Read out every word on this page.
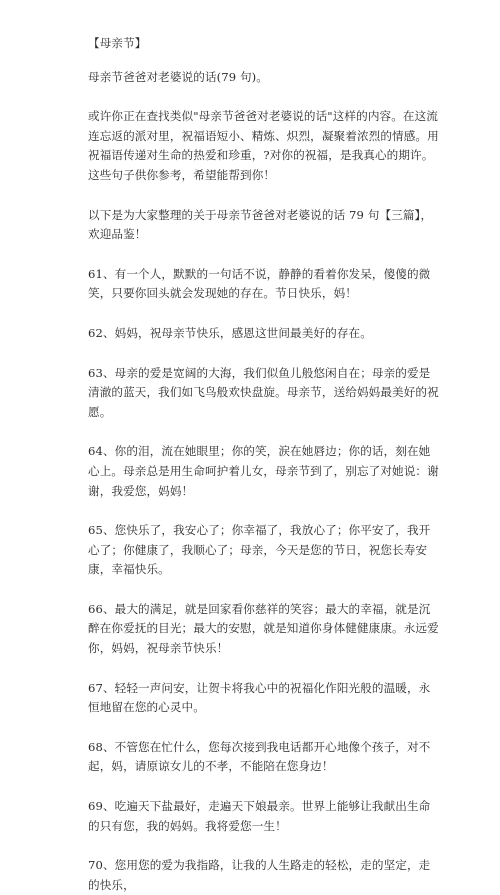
【母亲节】

母亲节爸爸对老婆说的话(79 句)。

或许你正在查找类似"母亲节爸爸对老婆说的话"这样的内容。在这流连忘返的派对里，祝福语短小、精炼、炽烈，凝聚着浓烈的情感。用祝福语传递对生命的热爱和珍重，?对你的祝福，是我真心的期许。这些句子供你参考，希望能帮到你！

以下是为大家整理的关于母亲节爸爸对老婆说的话 79 句【三篇】，欢迎品鉴！

61、有一个人，默默的一句话不说，静静的看着你发呆，傻傻的微笑，只要你回头就会发现她的存在。节日快乐，妈！

62、妈妈，祝母亲节快乐，感恩这世间最美好的存在。

63、母亲的爱是宽阔的大海，我们似鱼儿般悠闲自在；母亲的爱是清澈的蓝天，我们如飞鸟般欢快盘旋。母亲节，送给妈妈最美好的祝愿。

64、你的泪，流在她眼里；你的笑，涙在她唇边；你的话，刻在她心上。母亲总是用生命呵护着儿女，母亲节到了，别忘了对她说：谢谢，我爱您，妈妈！

65、您快乐了，我安心了；你幸福了，我放心了；你平安了，我开心了；你健康了，我顺心了；母亲，今天是您的节日，祝您长寿安康，幸福快乐。

66、最大的满足，就是回家看你慈祥的笑容；最大的幸福，就是沉醉在你爱抚的目光；最大的安慰，就是知道你身体健健康康。永远爱你，妈妈，祝母亲节快乐！

67、轻轻一声问安，让贺卡将我心中的祝福化作阳光般的温暖，永恒地留在您的心灵中。

68、不管您在忙什么，您每次接到我电话都开心地像个孩子，对不起，妈，请原谅女儿的不孝，不能陪在您身边！

69、吃遍天下盐最好，走遍天下娘最亲。世界上能够让我献出生命的只有您，我的妈妈。我将爱您一生！

70、您用您的爱为我指路，让我的人生路走的轻松，走的坚定，走的快乐，
